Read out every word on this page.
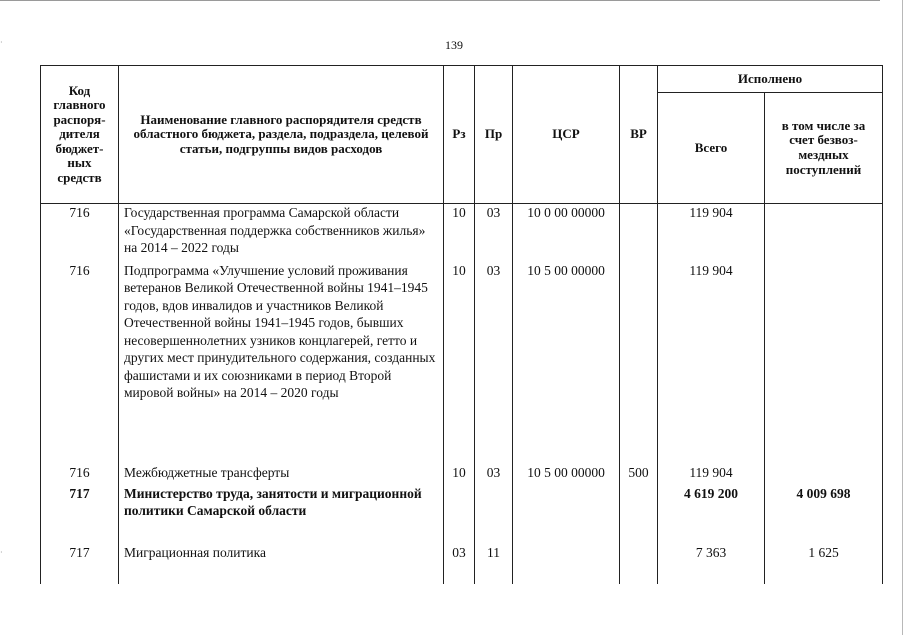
·
·
139
Код главного распоря- дителя бюджет- ных средств	Наименование главного распорядителя средств областного бюджета, раздела, подраздела, целевой статьи, подгруппы видов расходов	Рз	Пр	ЦСР	ВР	Исполнено	
						Всего	в том числе за счет безвоз- мездных поступлений
716	Государственная программа Самарской области «Государственная поддержка собственников жилья» на 2014 – 2022 годы	10	03	10 0 00 00000		119 904	
716	Подпрограмма «Улучшение условий проживания ветеранов Великой Отечественной войны 1941–1945 годов, вдов инвалидов и участников Великой Отечественной войны 1941–1945 годов, бывших несовершеннолетних узников концлагерей, гетто и других мест принудительного содержания, созданных фашистами и их союзниками в период Второй мировой войны» на 2014 – 2020 годы	10	03	10 5 00 00000		119 904	
716	Межбюджетные трансферты	10	03	10 5 00 00000	500	119 904	
717	Министерство труда, занятости и миграционной политики Самарской области					4 619 200	4 009 698
717	Миграционная политика	03	11			7 363	1 625
